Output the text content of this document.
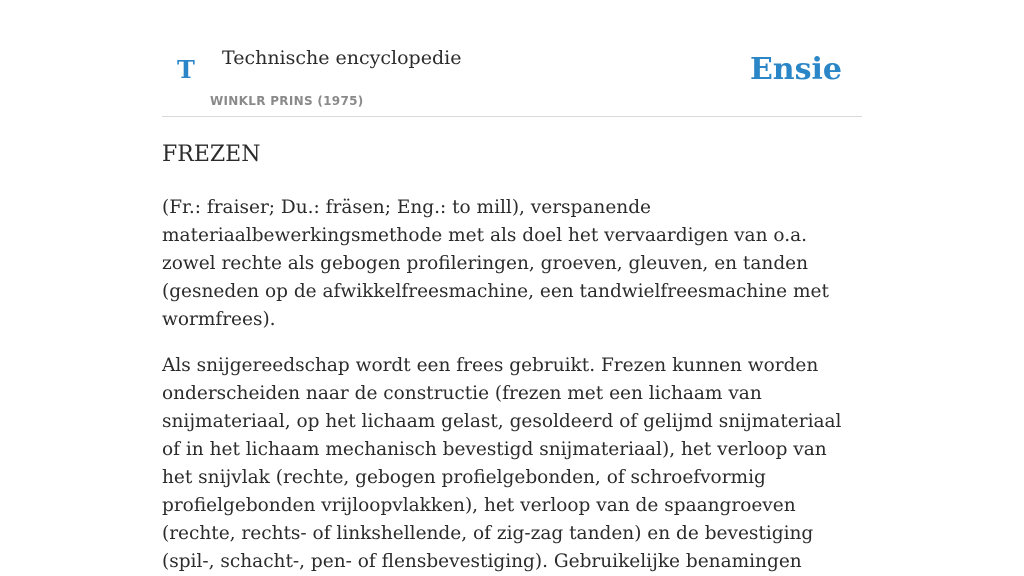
T Technische encyclopedie
WINKLR PRINS (1975)
Ensie
FREZEN

(Fr.: fraiser; Du.: fräsen; Eng.: to mill), verspanende materiaalbewerkingsmethode met als doel het vervaardigen van o.a. zowel rechte als gebogen profileringen, groeven, gleuven, en tanden (gesneden op de afwikkelfreesmachine, een tandwielfreesmachine met wormfrees).

Als snijgereedschap wordt een frees gebruikt. Frezen kunnen worden onderscheiden naar de constructie (frezen met een lichaam van snijmateriaal, op het lichaam gelast, gesoldeerd of gelijmd snijmateriaal of in het lichaam mechanisch bevestigd snijmateriaal), het verloop van het snijvlak (rechte, gebogen profielgebonden, of schroefvormig profielgebonden vrijloopvlakken), het verloop van de spaangroeven (rechte, rechts- of linkshellende, of zig-zag tanden) en de bevestiging (spil-, schacht-, pen- of flensbevestiging). Gebruikelijke benamingen
